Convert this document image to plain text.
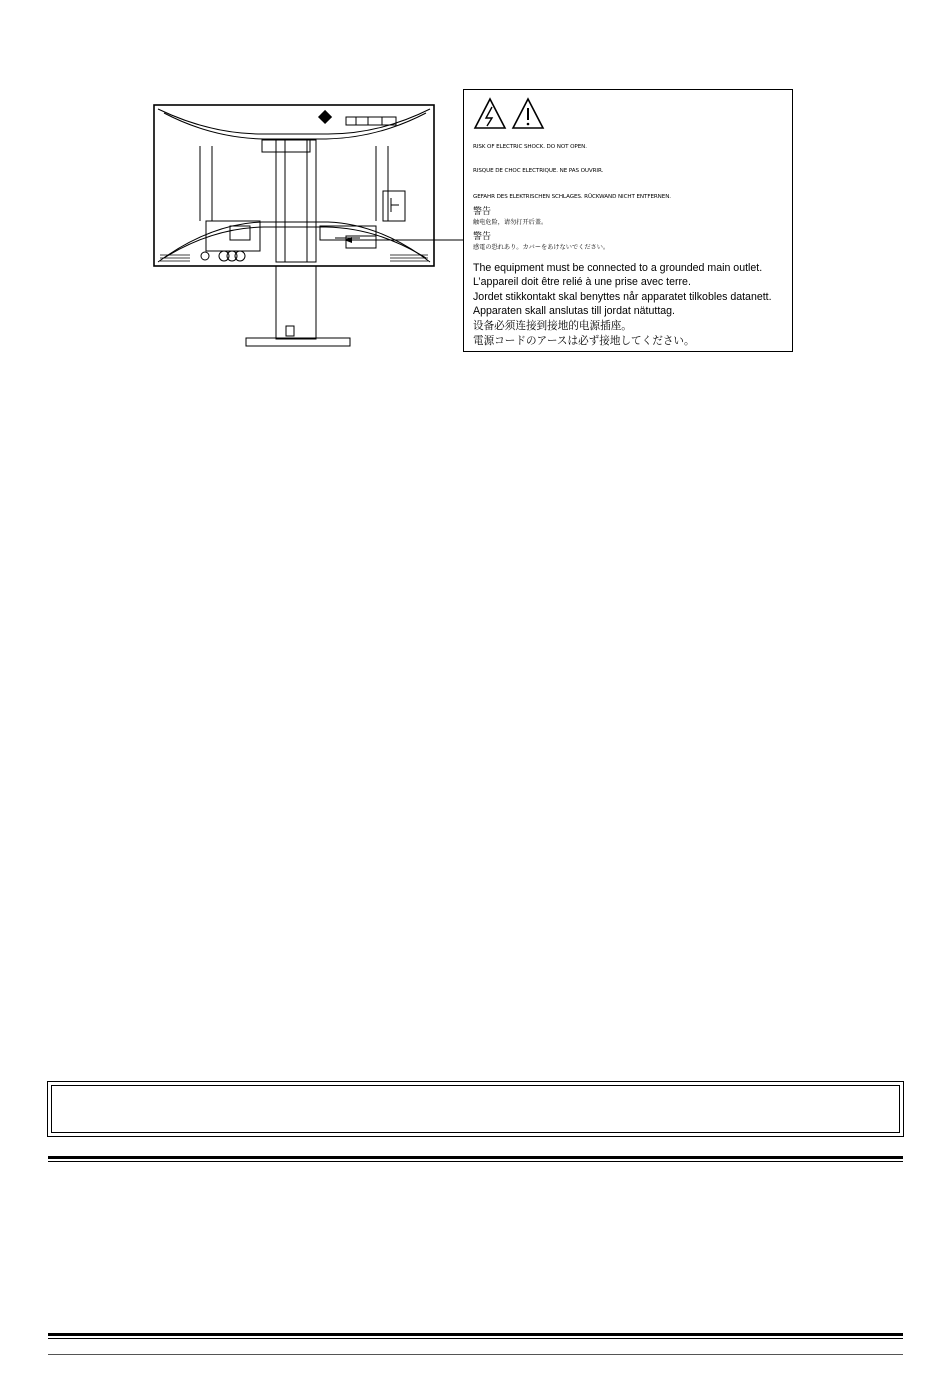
RISK OF ELECTRIC SHOCK. DO NOT OPEN.
RISQUE DE CHOC ELECTRIQUE. NE PAS OUVRIR.
GEFAHR DES ELEKTRISCHEN SCHLAGES. RÜCKWAND NICHT ENTFERNEN.
警告
触电危险，请勿打开后盖。
警告
感電の恐れあり。カバーをあけないでください。
The equipment must be connected to a grounded main outlet.
L’appareil doit être relié à une prise avec terre.
Jordet stikkontakt skal benyttes når apparatet tilkobles datanett.
Apparaten skall anslutas till jordat nätuttag.
设备必须连接到接地的电源插座。
電源コードのアースは必ず接地してください。
